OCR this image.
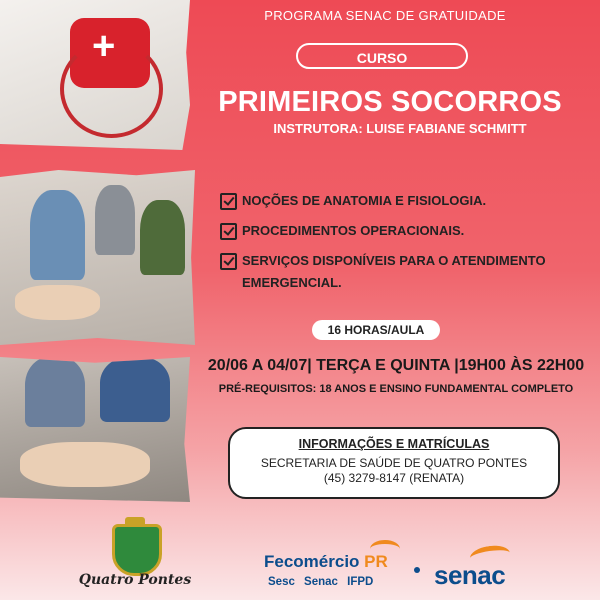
+
PROGRAMA SENAC DE GRATUIDADE
CURSO
PRIMEIROS SOCORROS
INSTRUTORA: LUISE FABIANE SCHMITT
NOÇÕES DE ANATOMIA E FISIOLOGIA.
PROCEDIMENTOS OPERACIONAIS.
SERVIÇOS DISPONÍVEIS PARA O ATENDIMENTO EMERGENCIAL.
16 HORAS/AULA
20/06 A 04/07| TERÇA E QUINTA |19H00 ÀS 22H00
PRÉ-REQUISITOS: 18 ANOS E ENSINO FUNDAMENTAL COMPLETO
INFORMAÇÕES E MATRÍCULAS
SECRETARIA DE SAÚDE DE QUATRO PONTES
(45) 3279-8147 (RENATA)
Quatro Pontes
Fecomércio PR
Sesc Senac IFPD senac
